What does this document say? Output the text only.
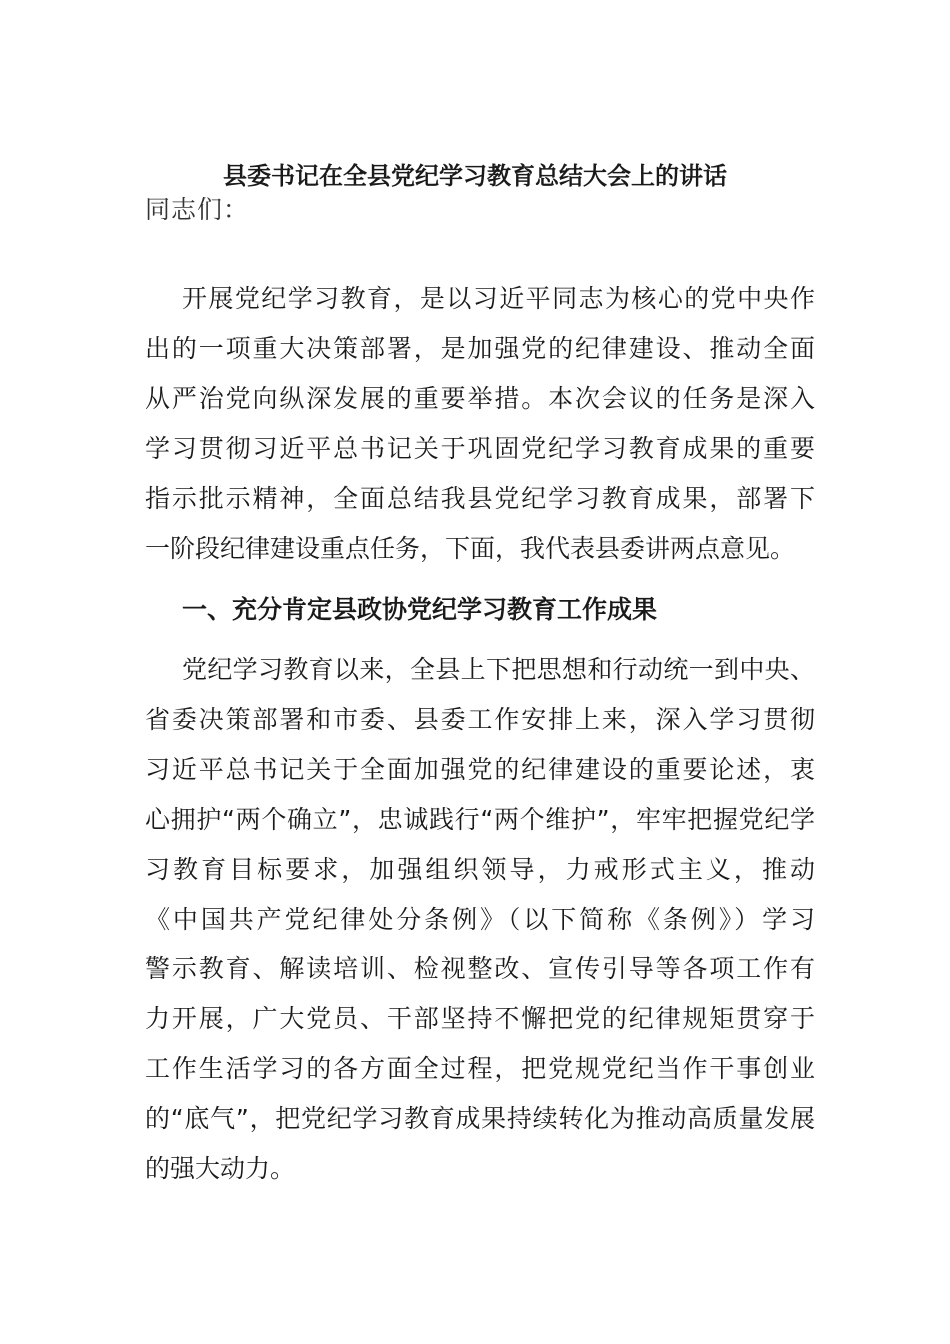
县委书记在全县党纪学习教育总结大会上的讲话

同志们：

开展党纪学习教育，是以习近平同志为核心的党中央作
出的一项重大决策部署，是加强党的纪律建设、推动全面
从严治党向纵深发展的重要举措。本次会议的任务是深入
学习贯彻习近平总书记关于巩固党纪学习教育成果的重要
指示批示精神，全面总结我县党纪学习教育成果，部署下
一阶段纪律建设重点任务，下面，我代表县委讲两点意见。
一、充分肯定县政协党纪学习教育工作成果
党纪学习教育以来，全县上下把思想和行动统一到中央、
省委决策部署和市委、县委工作安排上来，深入学习贯彻
习近平总书记关于全面加强党的纪律建设的重要论述，衷
心拥护“两个确立”，忠诚践行“两个维护”，牢牢把握党纪学
习教育目标要求，加强组织领导，力戒形式主义，推动
《中国共产党纪律处分条例》（以下简称《条例》）学习
警示教育、解读培训、检视整改、宣传引导等各项工作有
力开展，广大党员、干部坚持不懈把党的纪律规矩贯穿于
工作生活学习的各方面全过程，把党规党纪当作干事创业
的“底气”，把党纪学习教育成果持续转化为推动高质量发展
的强大动力。
